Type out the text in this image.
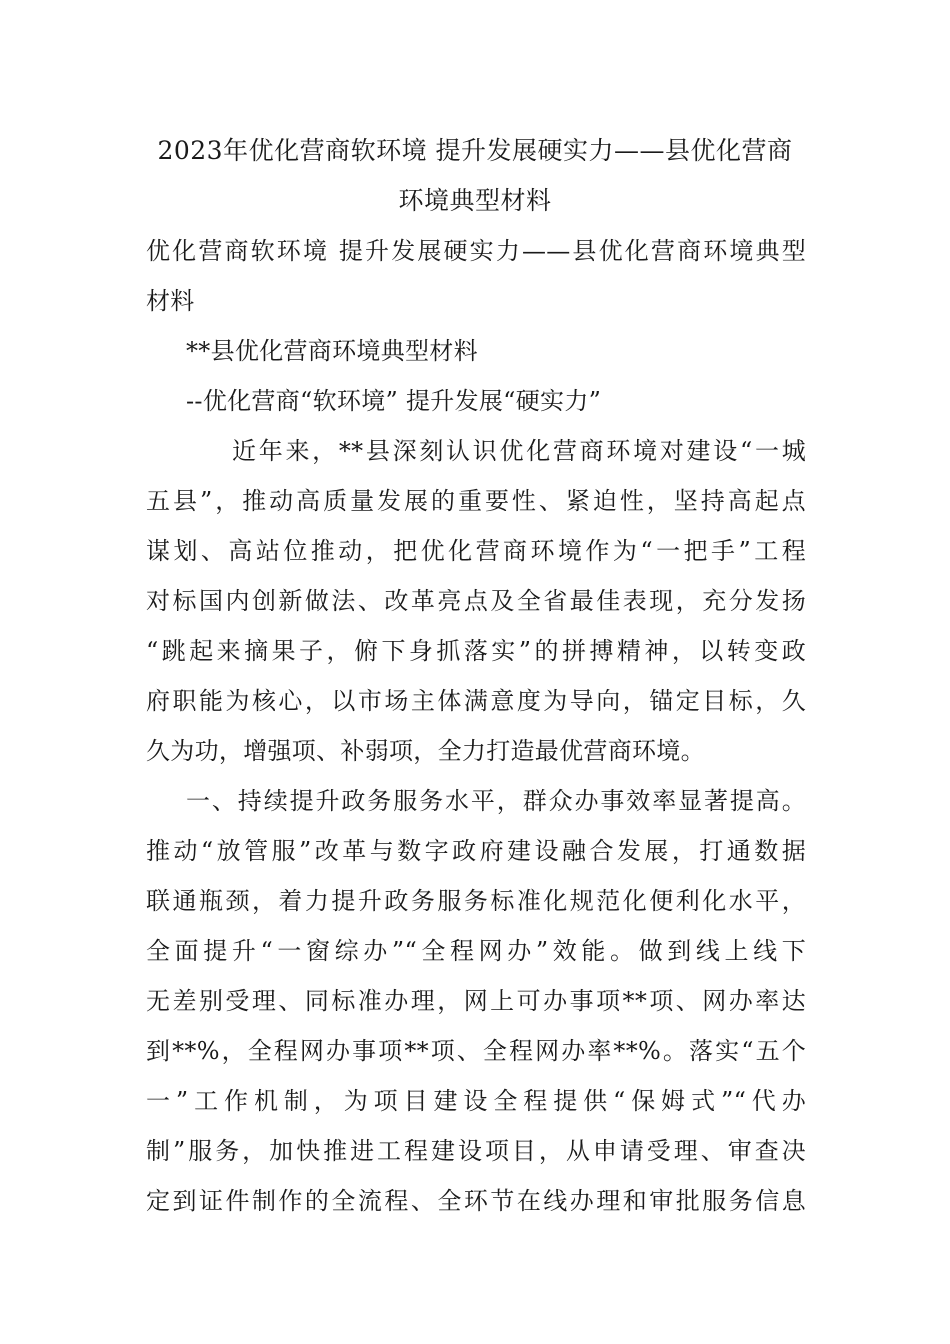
2023年优化营商软环境 提升发展硬实力——县优化营商
环境典型材料
优化营商软环境 提升发展硬实力——县优化营商环境典型
材料
**县优化营商环境典型材料
--优化营商“软环境” 提升发展“硬实力”
近年来，**县深刻认识优化营商环境对建设“一城
五县”，推动高质量发展的重要性、紧迫性，坚持高起点
谋划、高站位推动，把优化营商环境作为“一把手”工程
对标国内创新做法、改革亮点及全省最佳表现，充分发扬
“跳起来摘果子，俯下身抓落实”的拼搏精神，以转变政
府职能为核心，以市场主体满意度为导向，锚定目标，久
久为功，增强项、补弱项，全力打造最优营商环境。
一、持续提升政务服务水平，群众办事效率显著提高。
推动“放管服”改革与数字政府建设融合发展，打通数据
联通瓶颈，着力提升政务服务标准化规范化便利化水平，
全面提升“一窗综办”“全程网办”效能。做到线上线下
无差别受理、同标准办理，网上可办事项**项、网办率达
到**%，全程网办事项**项、全程网办率**%。落实“五个
一”工作机制，为项目建设全程提供“保姆式”“代办
制”服务，加快推进工程建设项目，从申请受理、审查决
定到证件制作的全流程、全环节在线办理和审批服务信息
